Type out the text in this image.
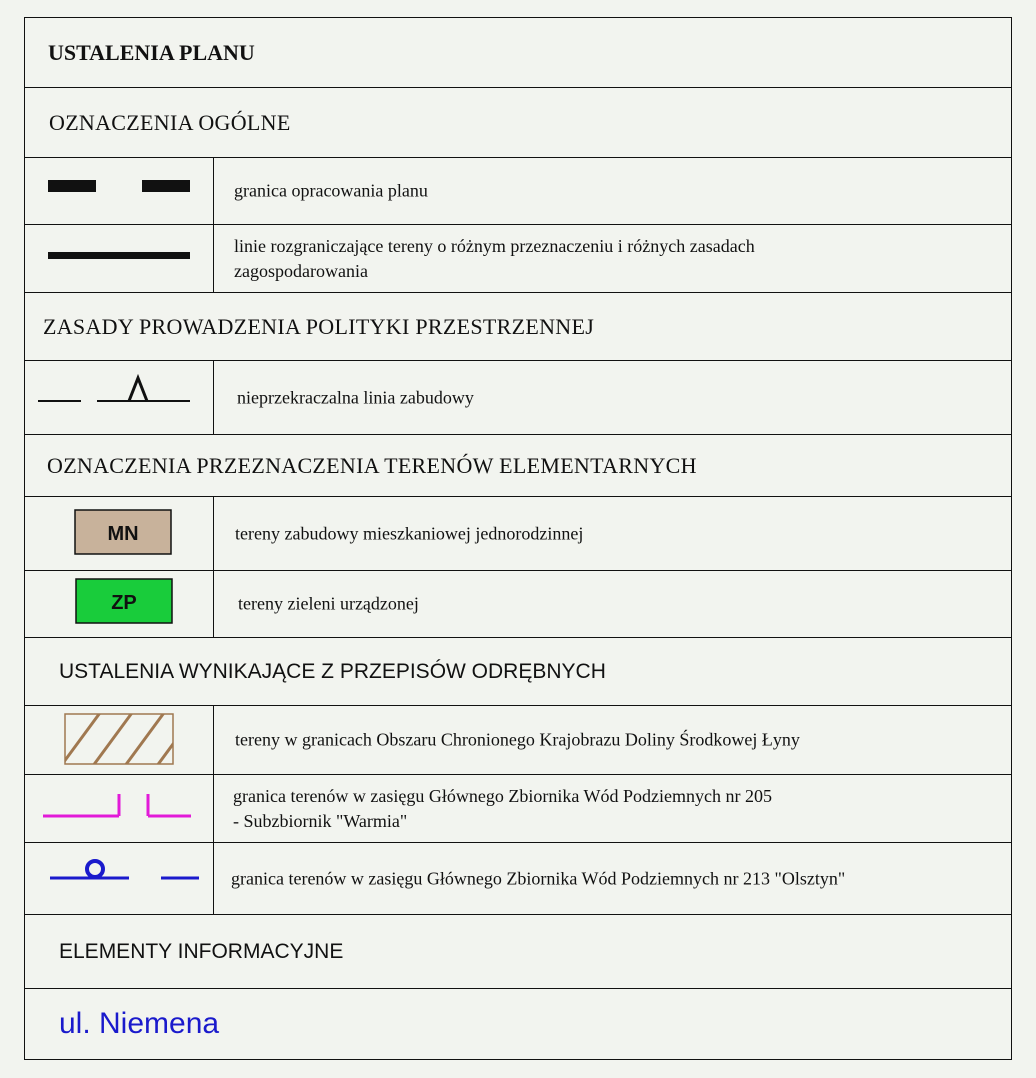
USTALENIA PLANU
OZNACZENIA OGÓLNE
granica opracowania planu
linie rozgraniczające tereny o różnym przeznaczeniu i różnych zasadach
zagospodarowania
ZASADY PROWADZENIA POLITYKI PRZESTRZENNEJ
nieprzekraczalna linia zabudowy
OZNACZENIA PRZEZNACZENIA TERENÓW ELEMENTARNYCH
MN	tereny zabudowy mieszkaniowej jednorodzinnej
ZP	tereny zieleni urządzonej
USTALENIA WYNIKAJĄCE Z PRZEPISÓW ODRĘBNYCH
tereny w granicach Obszaru Chronionego Krajobrazu Doliny Środkowej Łyny
granica terenów w zasięgu Głównego Zbiornika Wód Podziemnych nr 205
- Subzbiornik "Warmia"
granica terenów w zasięgu Głównego Zbiornika Wód Podziemnych nr 213 "Olsztyn"
ELEMENTY INFORMACYJNE
ul. Niemena
